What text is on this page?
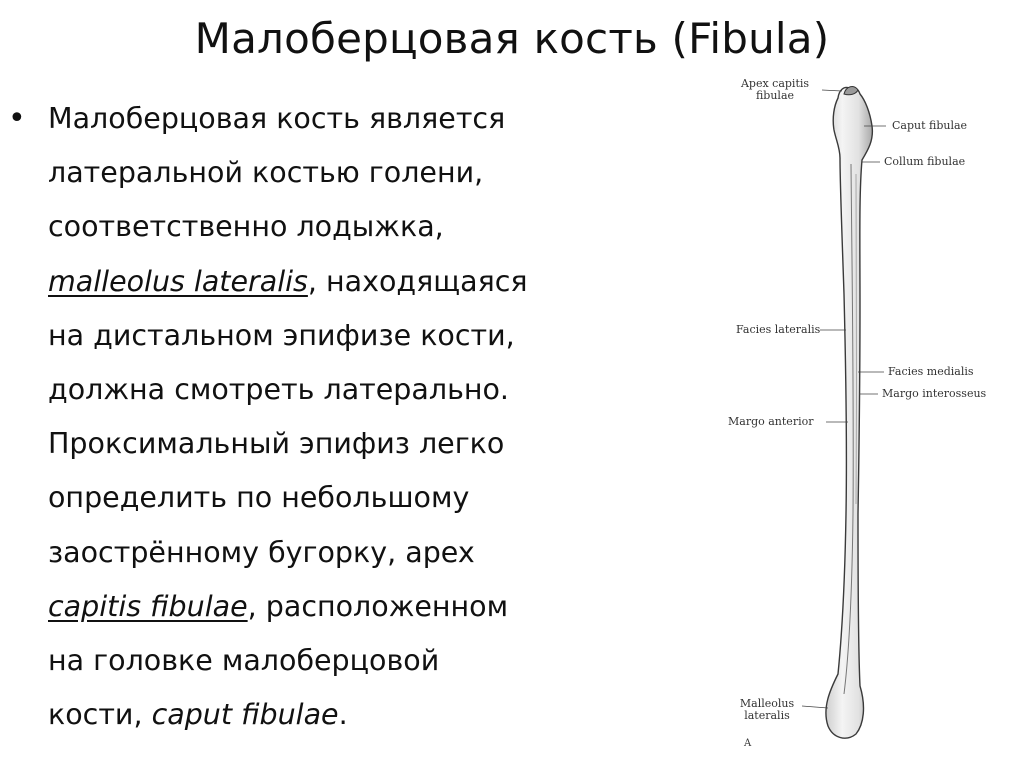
Малоберцовая кость (Fibula)
• Малоберцовая кость является
латеральной костью голени,
соответственно лодыжка,
malleolus lateralis, находящаяся
на дистальном эпифизе кости,
должна смотреть латерально.
Проксимальный эпифиз легко
определить по небольшому
заострённому бугорку, apex
capitis fibulae, расположенном
на головке малоберцовой
кости, caput fibulae.
Apex capitis
fibulae
Caput fibulae
Collum fibulae
Facies lateralis
Facies medialis
Margo interosseus
Margo anterior
Malleolus
lateralis
A
